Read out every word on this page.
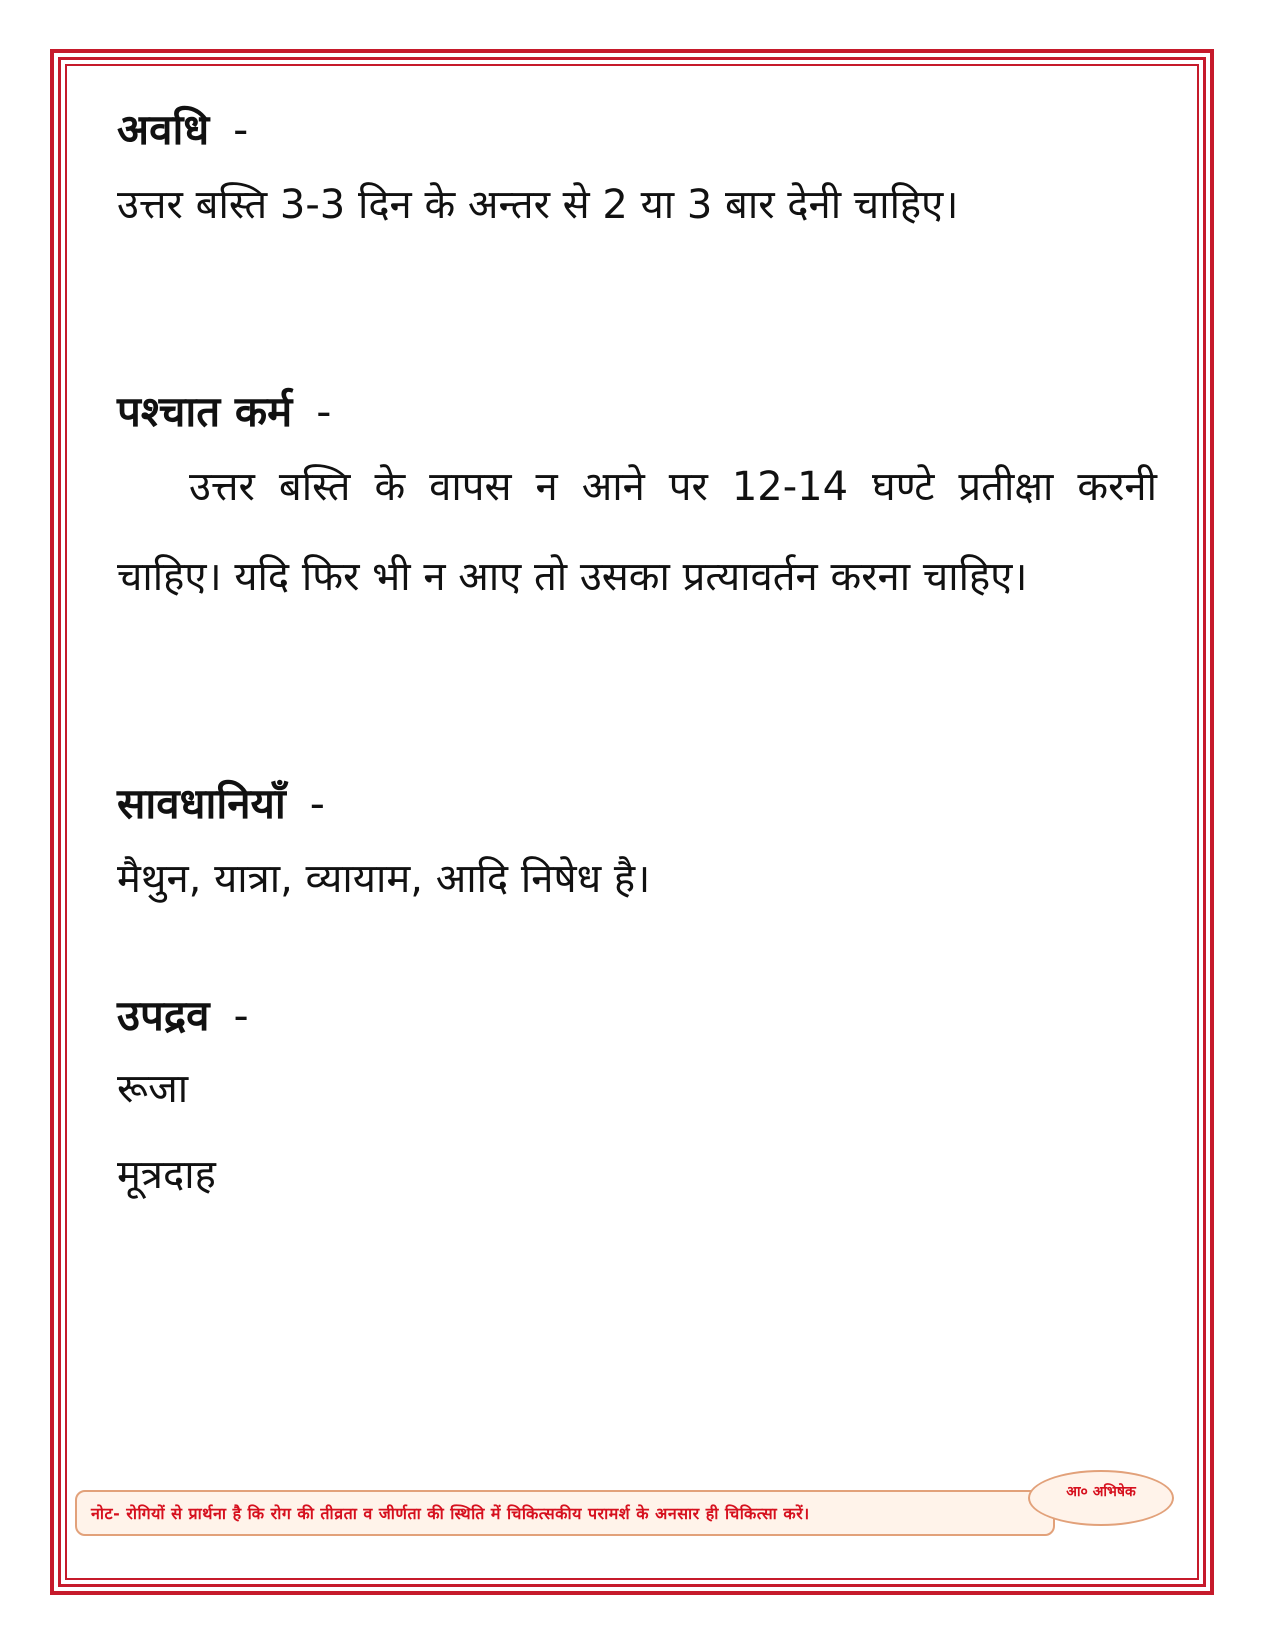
अवधि -

उत्तर बस्ति 3-3 दिन के अन्तर से 2 या 3 बार देनी चाहिए।

पश्चात कर्म -

उत्तर बस्ति के वापस न आने पर 12-14 घण्टे प्रतीक्षा करनी चाहिए। यदि फिर भी न आए तो उसका प्रत्यावर्तन करना चाहिए।

सावधानियाँ -

मैथुन, यात्रा, व्यायाम, आदि निषेध है।

उपद्रव -

रूजा

मूत्रदाह

नोट- रोगियों से प्रार्थना है कि रोग की तीव्रता व जीर्णता की स्थिति में चिकित्सकीय परामर्श के अनसार ही चिकित्सा करें।
आ० अभिषेक
